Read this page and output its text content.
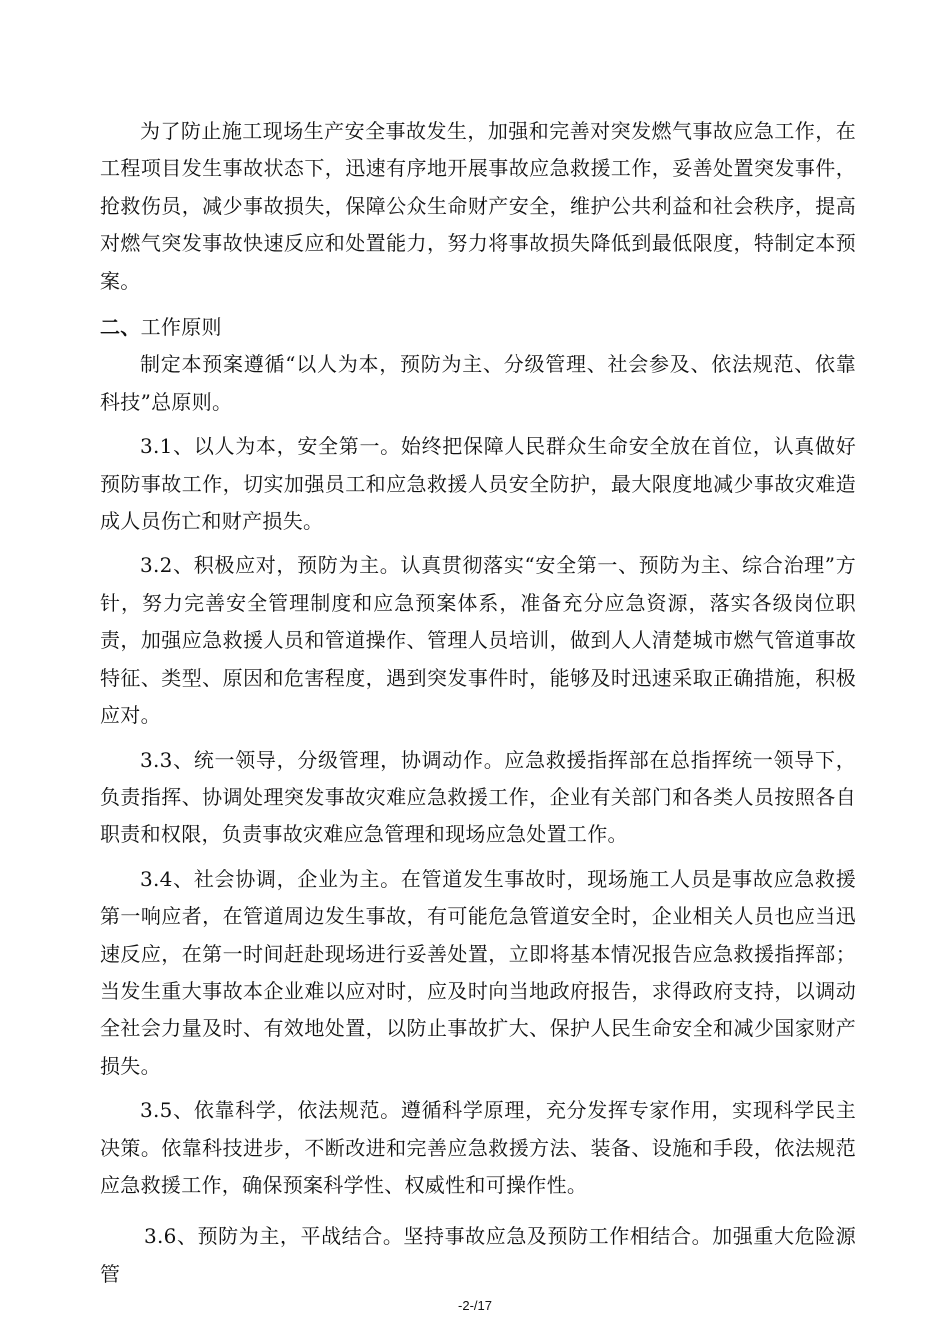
为了防止施工现场生产安全事故发生，加强和完善对突发燃气事故应急工作，在工程项目发生事故状态下，迅速有序地开展事故应急救援工作，妥善处置突发事件，抢救伤员，减少事故损失，保障公众生命财产安全，维护公共利益和社会秩序，提高对燃气突发事故快速反应和处置能力，努力将事故损失降低到最低限度，特制定本预案。

二、工作原则

制定本预案遵循“以人为本，预防为主、分级管理、社会参及、依法规范、依靠科技”总原则。

3.1、以人为本，安全第一。始终把保障人民群众生命安全放在首位，认真做好预防事故工作，切实加强员工和应急救援人员安全防护，最大限度地减少事故灾难造成人员伤亡和财产损失。

3.2、积极应对，预防为主。认真贯彻落实“安全第一、预防为主、综合治理”方针，努力完善安全管理制度和应急预案体系，准备充分应急资源，落实各级岗位职责，加强应急救援人员和管道操作、管理人员培训，做到人人清楚城市燃气管道事故特征、类型、原因和危害程度，遇到突发事件时，能够及时迅速采取正确措施，积极应对。

3.3、统一领导，分级管理，协调动作。应急救援指挥部在总指挥统一领导下，负责指挥、协调处理突发事故灾难应急救援工作，企业有关部门和各类人员按照各自职责和权限，负责事故灾难应急管理和现场应急处置工作。

3.4、社会协调，企业为主。在管道发生事故时，现场施工人员是事故应急救援第一响应者，在管道周边发生事故，有可能危急管道安全时，企业相关人员也应当迅速反应，在第一时间赶赴现场进行妥善处置，立即将基本情况报告应急救援指挥部；当发生重大事故本企业难以应对时，应及时向当地政府报告，求得政府支持，以调动全社会力量及时、有效地处置，以防止事故扩大、保护人民生命安全和减少国家财产损失。

3.5、依靠科学，依法规范。遵循科学原理，充分发挥专家作用，实现科学民主决策。依靠科技进步，不断改进和完善应急救援方法、装备、设施和手段，依法规范应急救援工作，确保预案科学性、权威性和可操作性。

3.6、预防为主，平战结合。坚持事故应急及预防工作相结合。加强重大危险源管

-2-/17
